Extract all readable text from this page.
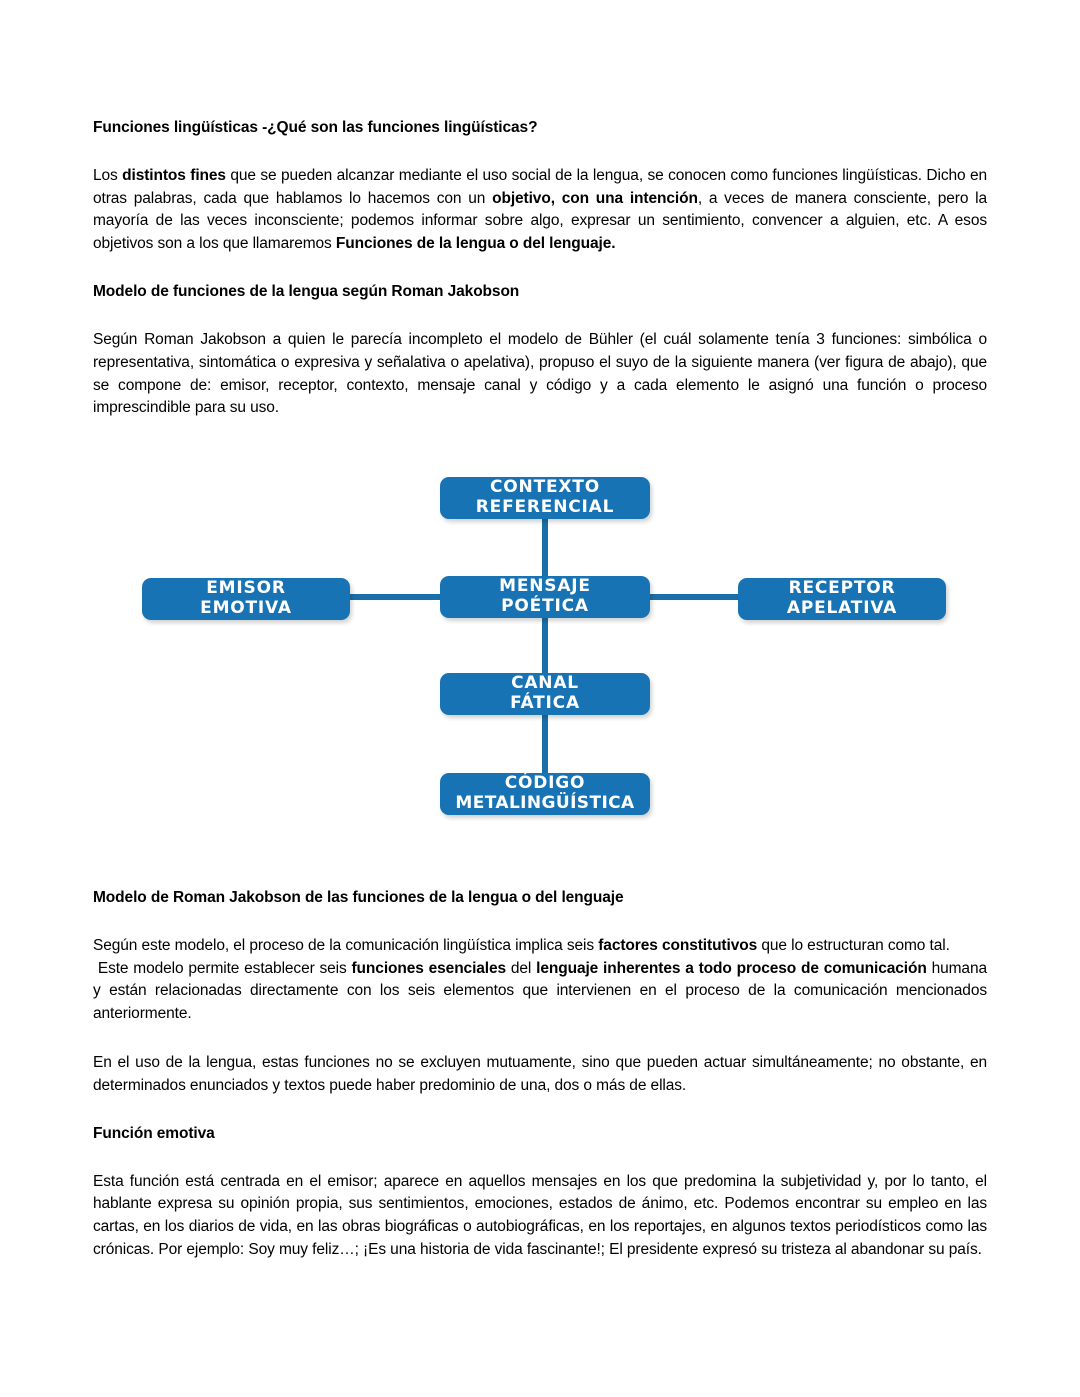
Funciones lingüísticas -¿Qué son las funciones lingüísticas?

Los distintos fines que se pueden alcanzar mediante el uso social de la lengua, se conocen como funciones lingüísticas. Dicho en otras palabras, cada que hablamos lo hacemos con un objetivo, con una intención, a veces de manera consciente, pero la mayoría de las veces inconsciente; podemos informar sobre algo, expresar un sentimiento, convencer a alguien, etc. A esos objetivos son a los que llamaremos Funciones de la lengua o del lenguaje.

Modelo de funciones de la lengua según Roman Jakobson

Según Roman Jakobson a quien le parecía incompleto el modelo de Bühler (el cuál solamente tenía 3 funciones: simbólica o representativa, sintomática o expresiva y señalativa o apelativa), propuso el suyo de la siguiente manera (ver figura de abajo), que se compone de: emisor, receptor, contexto, mensaje canal y código y a cada elemento le asignó una función o proceso imprescindible para su uso.

CONTEXTO
REFERENCIAL
EMISOR
EMOTIVA
MENSAJE
POÉTICA
RECEPTOR
APELATIVA
CANAL
FÁTICA
CÓDIGO
METALINGÜÍSTICA
Modelo de Roman Jakobson de las funciones de la lengua o del lenguaje

Según este modelo, el proceso de la comunicación lingüística implica seis factores constitutivos que lo estructuran como tal.

Este modelo permite establecer seis funciones esenciales del lenguaje inherentes a todo proceso de comunicación humana y están relacionadas directamente con los seis elementos que intervienen en el proceso de la comunicación mencionados anteriormente.

En el uso de la lengua, estas funciones no se excluyen mutuamente, sino que pueden actuar simultáneamente; no obstante, en determinados enunciados y textos puede haber predominio de una, dos o más de ellas.

Función emotiva

Esta función está centrada en el emisor; aparece en aquellos mensajes en los que predomina la subjetividad y, por lo tanto, el hablante expresa su opinión propia, sus sentimientos, emociones, estados de ánimo, etc. Podemos encontrar su empleo en las cartas, en los diarios de vida, en las obras biográficas o autobiográficas, en los reportajes, en algunos textos periodísticos como las crónicas. Por ejemplo: Soy muy feliz…; ¡Es una historia de vida fascinante!; El presidente expresó su tristeza al abandonar su país.
